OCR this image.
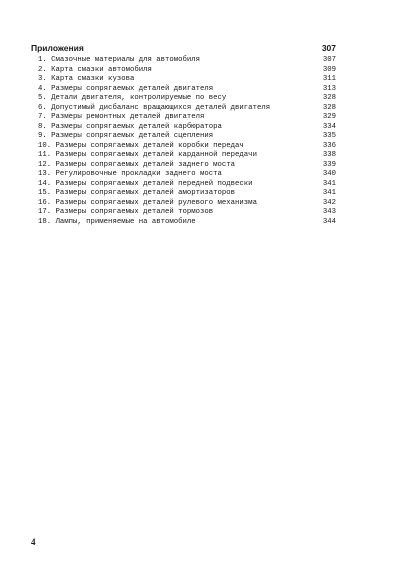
Приложения	307
1. Смазочные материалы для автомобиля	307
2. Карта смазки автомобиля	309
3. Карта смазки кузова	311
4. Размеры сопрягаемых деталей двигателя	313
5. Детали двигателя, контролируемые по весу	328
6. Допустимый дисбаланс вращающихся деталей двигателя	328
7. Размеры ремонтных деталей двигателя	329
8. Размеры сопрягаемых деталей карбюратора	334
9. Размеры сопрягаемых деталей сцепления	335
10. Размеры сопрягаемых деталей коробки передач	336
11. Размеры сопрягаемых деталей карданной передачи	338
12. Размеры сопрягаемых деталей заднего моста	339
13. Регулировочные прокладки заднего моста	340
14. Размеры сопрягаемых деталей передней подвески	341
15. Размеры сопрягаемых деталей амортизаторов	341
16. Размеры сопрягаемых деталей рулевого механизма	342
17. Размеры сопрягаемых деталей тормозов	343
18. Лампы, применяемые на автомобиле	344
4
